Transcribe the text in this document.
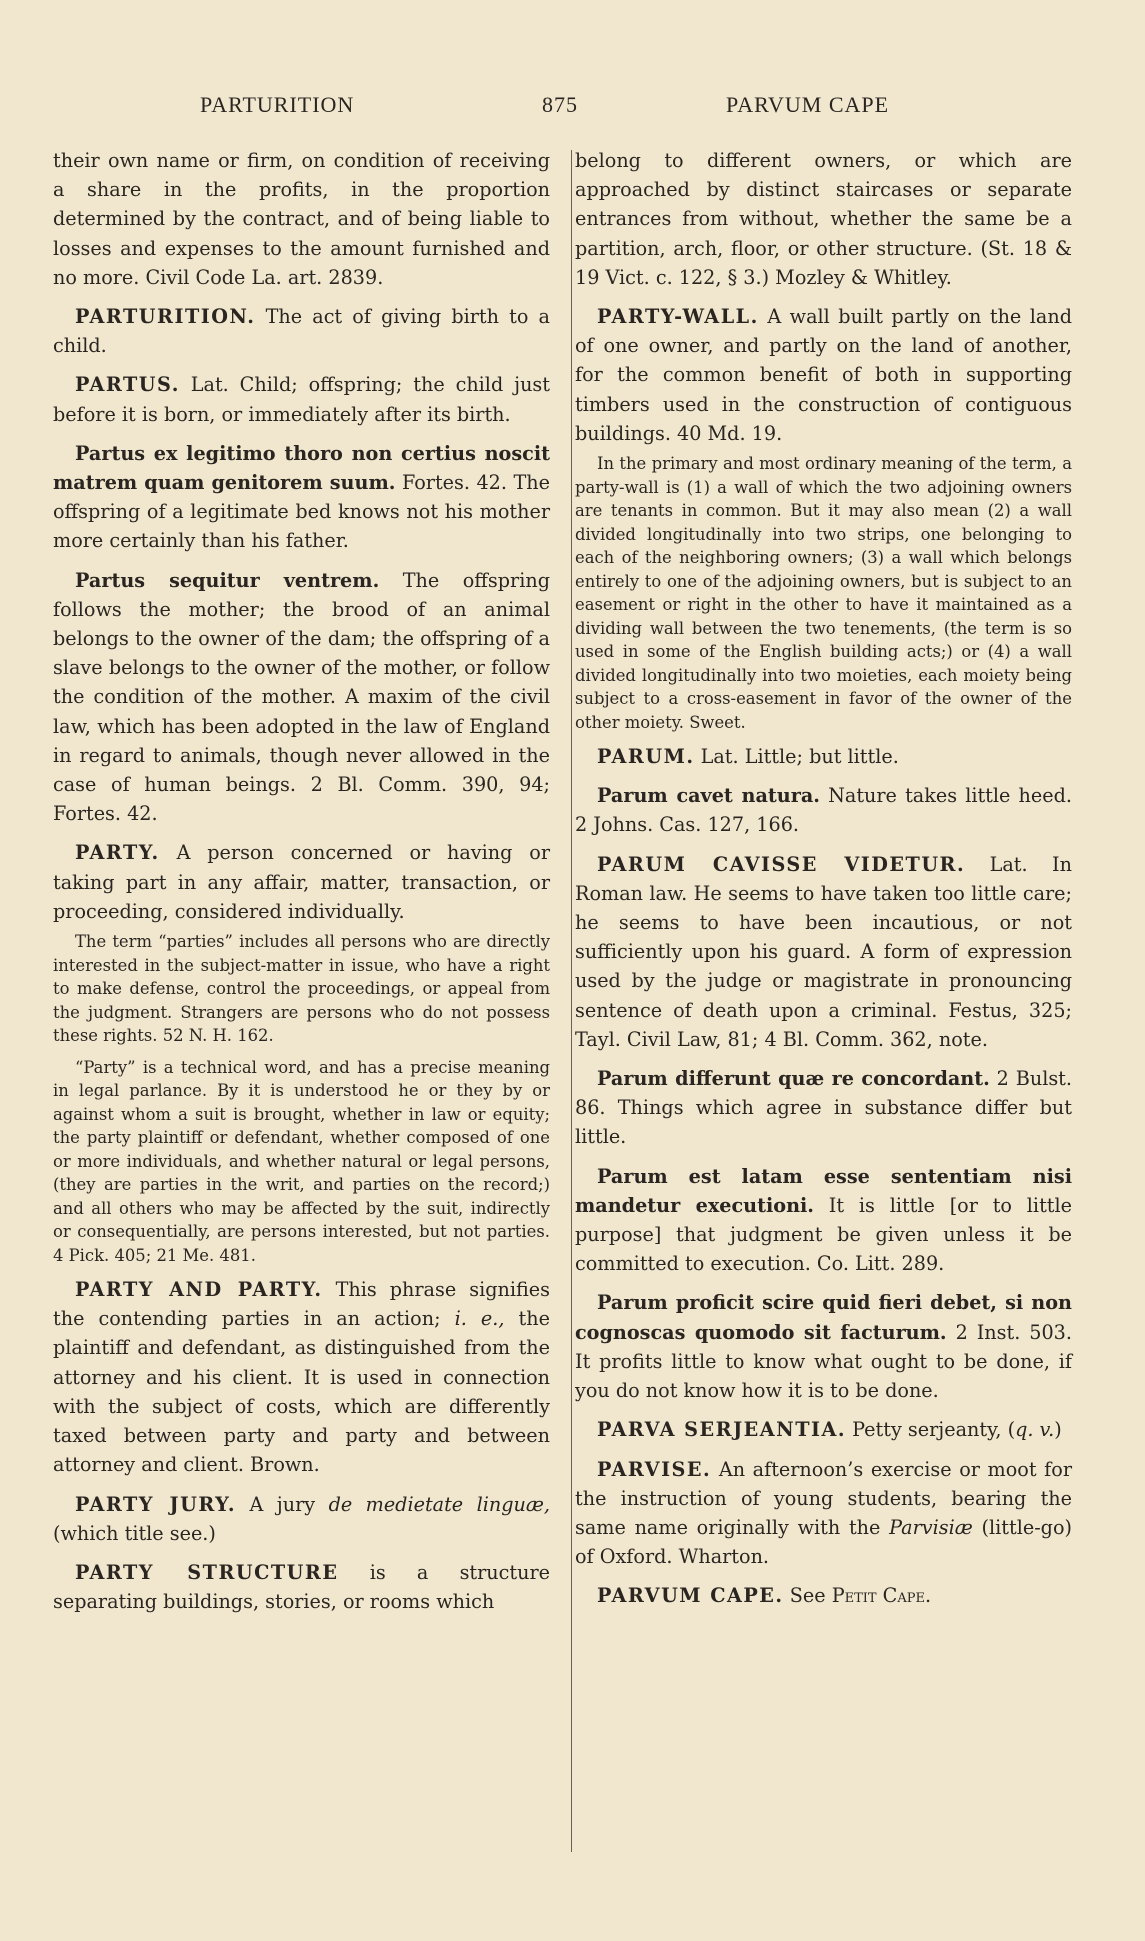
PARTURITION	875	PARVUM CAPE

their own name or firm, on condition of receiving a share in the profits, in the proportion determined by the contract, and of being liable to losses and expenses to the amount furnished and no more. Civil Code La. art. 2839.

PARTURITION. The act of giving birth to a child.

PARTUS. Lat. Child; offspring; the child just before it is born, or immediately after its birth.

Partus ex legitimo thoro non certius noscit matrem quam genitorem suum. Fortes. 42. The offspring of a legitimate bed knows not his mother more certainly than his father.

Partus sequitur ventrem. The offspring follows the mother; the brood of an animal belongs to the owner of the dam; the offspring of a slave belongs to the owner of the mother, or follow the condition of the mother. A maxim of the civil law, which has been adopted in the law of England in regard to animals, though never allowed in the case of human beings. 2 Bl. Comm. 390, 94; Fortes. 42.

PARTY. A person concerned or having or taking part in any affair, matter, transaction, or proceeding, considered individually.

The term “parties” includes all persons who are directly interested in the subject-matter in issue, who have a right to make defense, control the proceedings, or appeal from the judgment. Strangers are persons who do not possess these rights. 52 N. H. 162.

“Party” is a technical word, and has a precise meaning in legal parlance. By it is understood he or they by or against whom a suit is brought, whether in law or equity; the party plaintiff or defendant, whether composed of one or more individuals, and whether natural or legal persons, (they are parties in the writ, and parties on the record;) and all others who may be affected by the suit, indirectly or consequentially, are persons interested, but not parties. 4 Pick. 405; 21 Me. 481.

PARTY AND PARTY. This phrase signifies the contending parties in an action; i. e., the plaintiff and defendant, as distinguished from the attorney and his client. It is used in connection with the subject of costs, which are differently taxed between party and party and between attorney and client. Brown.

PARTY JURY. A jury de medietate linguæ, (which title see.)

PARTY STRUCTURE is a structure separating buildings, stories, or rooms which

belong to different owners, or which are approached by distinct staircases or separate entrances from without, whether the same be a partition, arch, floor, or other structure. (St. 18 & 19 Vict. c. 122, § 3.) Mozley & Whitley.

PARTY-WALL. A wall built partly on the land of one owner, and partly on the land of another, for the common benefit of both in supporting timbers used in the construction of contiguous buildings. 40 Md. 19.

In the primary and most ordinary meaning of the term, a party-wall is (1) a wall of which the two adjoining owners are tenants in common. But it may also mean (2) a wall divided longitudinally into two strips, one belonging to each of the neighboring owners; (3) a wall which belongs entirely to one of the adjoining owners, but is subject to an easement or right in the other to have it maintained as a dividing wall between the two tenements, (the term is so used in some of the English building acts;) or (4) a wall divided longitudinally into two moieties, each moiety being subject to a cross-easement in favor of the owner of the other moiety. Sweet.

PARUM. Lat. Little; but little.

Parum cavet natura. Nature takes little heed. 2 Johns. Cas. 127, 166.

PARUM CAVISSE VIDETUR. Lat. In Roman law. He seems to have taken too little care; he seems to have been incautious, or not sufficiently upon his guard. A form of expression used by the judge or magistrate in pronouncing sentence of death upon a criminal. Festus, 325; Tayl. Civil Law, 81; 4 Bl. Comm. 362, note.

Parum differunt quæ re concordant. 2 Bulst. 86. Things which agree in substance differ but little.

Parum est latam esse sententiam nisi mandetur executioni. It is little [or to little purpose] that judgment be given unless it be committed to execution. Co. Litt. 289.

Parum proficit scire quid fieri debet, si non cognoscas quomodo sit facturum. 2 Inst. 503. It profits little to know what ought to be done, if you do not know how it is to be done.

PARVA SERJEANTIA. Petty serjeanty, (q. v.)

PARVISE. An afternoon’s exercise or moot for the instruction of young students, bearing the same name originally with the Parvisiæ (little-go) of Oxford. Wharton.

PARVUM CAPE. See Petit Cape.
